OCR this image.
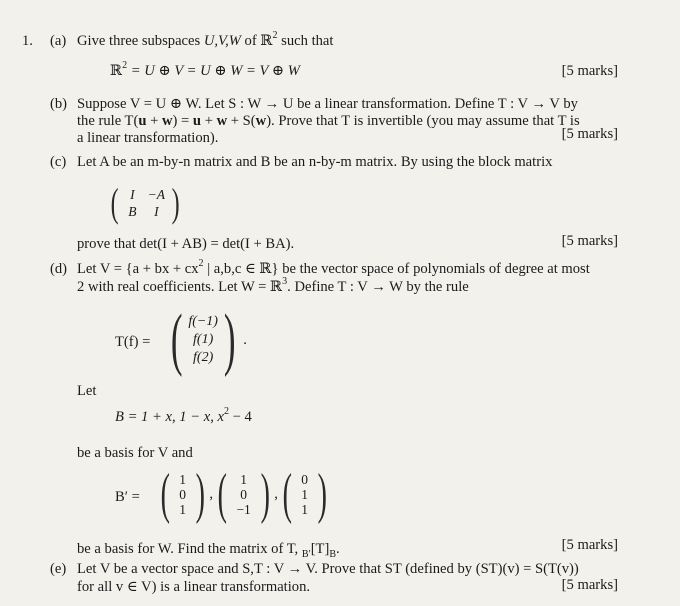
1. (a) Give three subspaces U,V,W of ℝ$^2$ such that
ℝ$^2$ = U ⊕ V = U ⊕ W = V ⊕ W	[5 marks]
(b) Suppose V = U ⊕ W. Let S : W → U be a linear transformation. Define T : V → V by
the rule T(u + w) = u + w + S(w). Prove that T is invertible (you may assume that T is
a linear transformation).	[5 marks]
(c) Let A be an m-by-n matrix and B be an n-by-m matrix. By using the block matrix
( I −A
B	I )
prove that det(I + AB) = det(I + BA).	[5 marks]
(d) Let V = {a + bx + $cx^2$ | a,b,c ∈ ℝ} be the vector space of polynomials of degree at most
2 with real coefficients. Let W = ℝ$^3$. Define T : V → W by the rule
T(f) = ( f(−1)
f(1)
f(2) ) .
Let
B = 1 + x, 1 − x, $x^2 - 4$
be a basis for V and
B′ = ( 1
0
1 ) , ( 1
0
−1 ) , ( 0
1
1 )
be a basis for W. Find the matrix of T, $_{B'}[T]_B$.	[5 marks]
(e) Let V be a vector space and S,T : V → V. Prove that ST (defined by (ST)(v) = S(T(v))
for all v ∈ V) is a linear transformation.	[5 marks]
